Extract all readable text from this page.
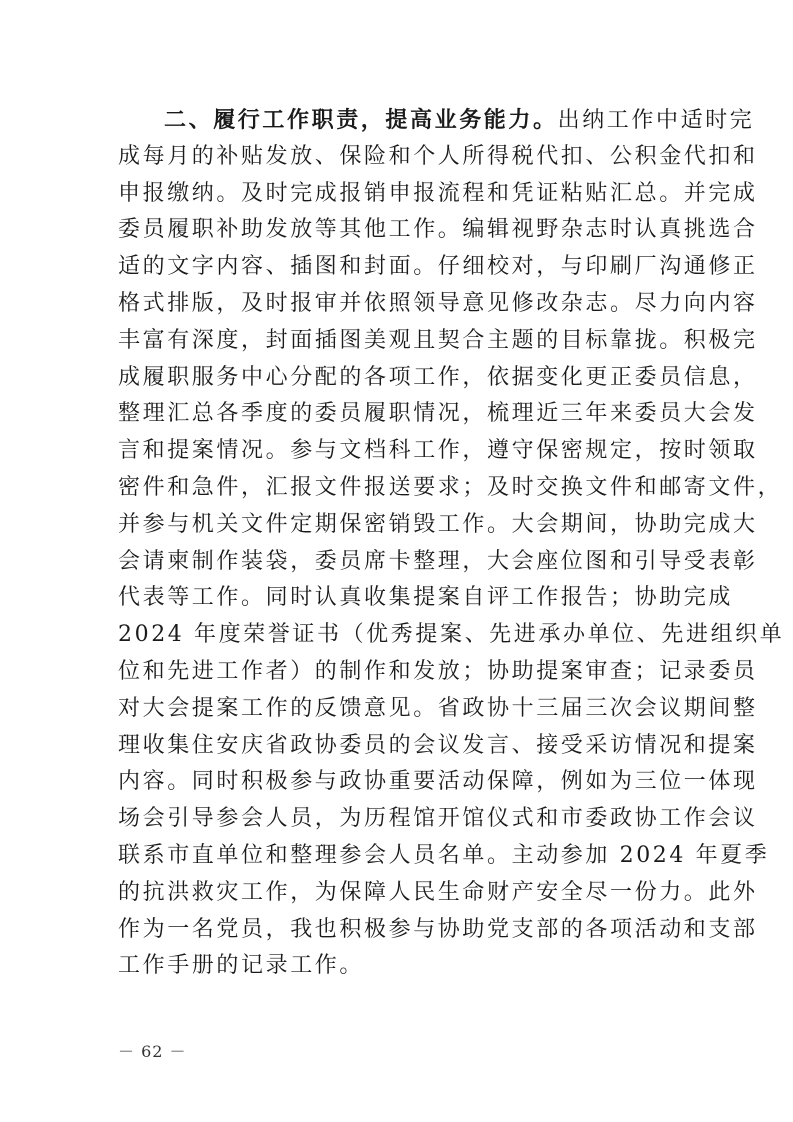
二、履行工作职责，提高业务能力。出纳工作中适时完
成每月的补贴发放、保险和个人所得税代扣、公积金代扣和
申报缴纳。及时完成报销申报流程和凭证粘贴汇总。并完成
委员履职补助发放等其他工作。编辑视野杂志时认真挑选合
适的文字内容、插图和封面。仔细校对，与印刷厂沟通修正
格式排版，及时报审并依照领导意见修改杂志。尽力向内容
丰富有深度，封面插图美观且契合主题的目标靠拢。积极完
成履职服务中心分配的各项工作，依据变化更正委员信息，
整理汇总各季度的委员履职情况，梳理近三年来委员大会发
言和提案情况。参与文档科工作，遵守保密规定，按时领取
密件和急件，汇报文件报送要求；及时交换文件和邮寄文件，
并参与机关文件定期保密销毁工作。大会期间，协助完成大
会请柬制作装袋，委员席卡整理，大会座位图和引导受表彰
代表等工作。同时认真收集提案自评工作报告；协助完成
2024 年度荣誉证书（优秀提案、先进承办单位、先进组织单
位和先进工作者）的制作和发放；协助提案审查；记录委员
对大会提案工作的反馈意见。省政协十三届三次会议期间整
理收集住安庆省政协委员的会议发言、接受采访情况和提案
内容。同时积极参与政协重要活动保障，例如为三位一体现
场会引导参会人员，为历程馆开馆仪式和市委政协工作会议
联系市直单位和整理参会人员名单。主动参加 2024 年夏季
的抗洪救灾工作，为保障人民生命财产安全尽一份力。此外
作为一名党员，我也积极参与协助党支部的各项活动和支部
工作手册的记录工作。
－ 62 －
